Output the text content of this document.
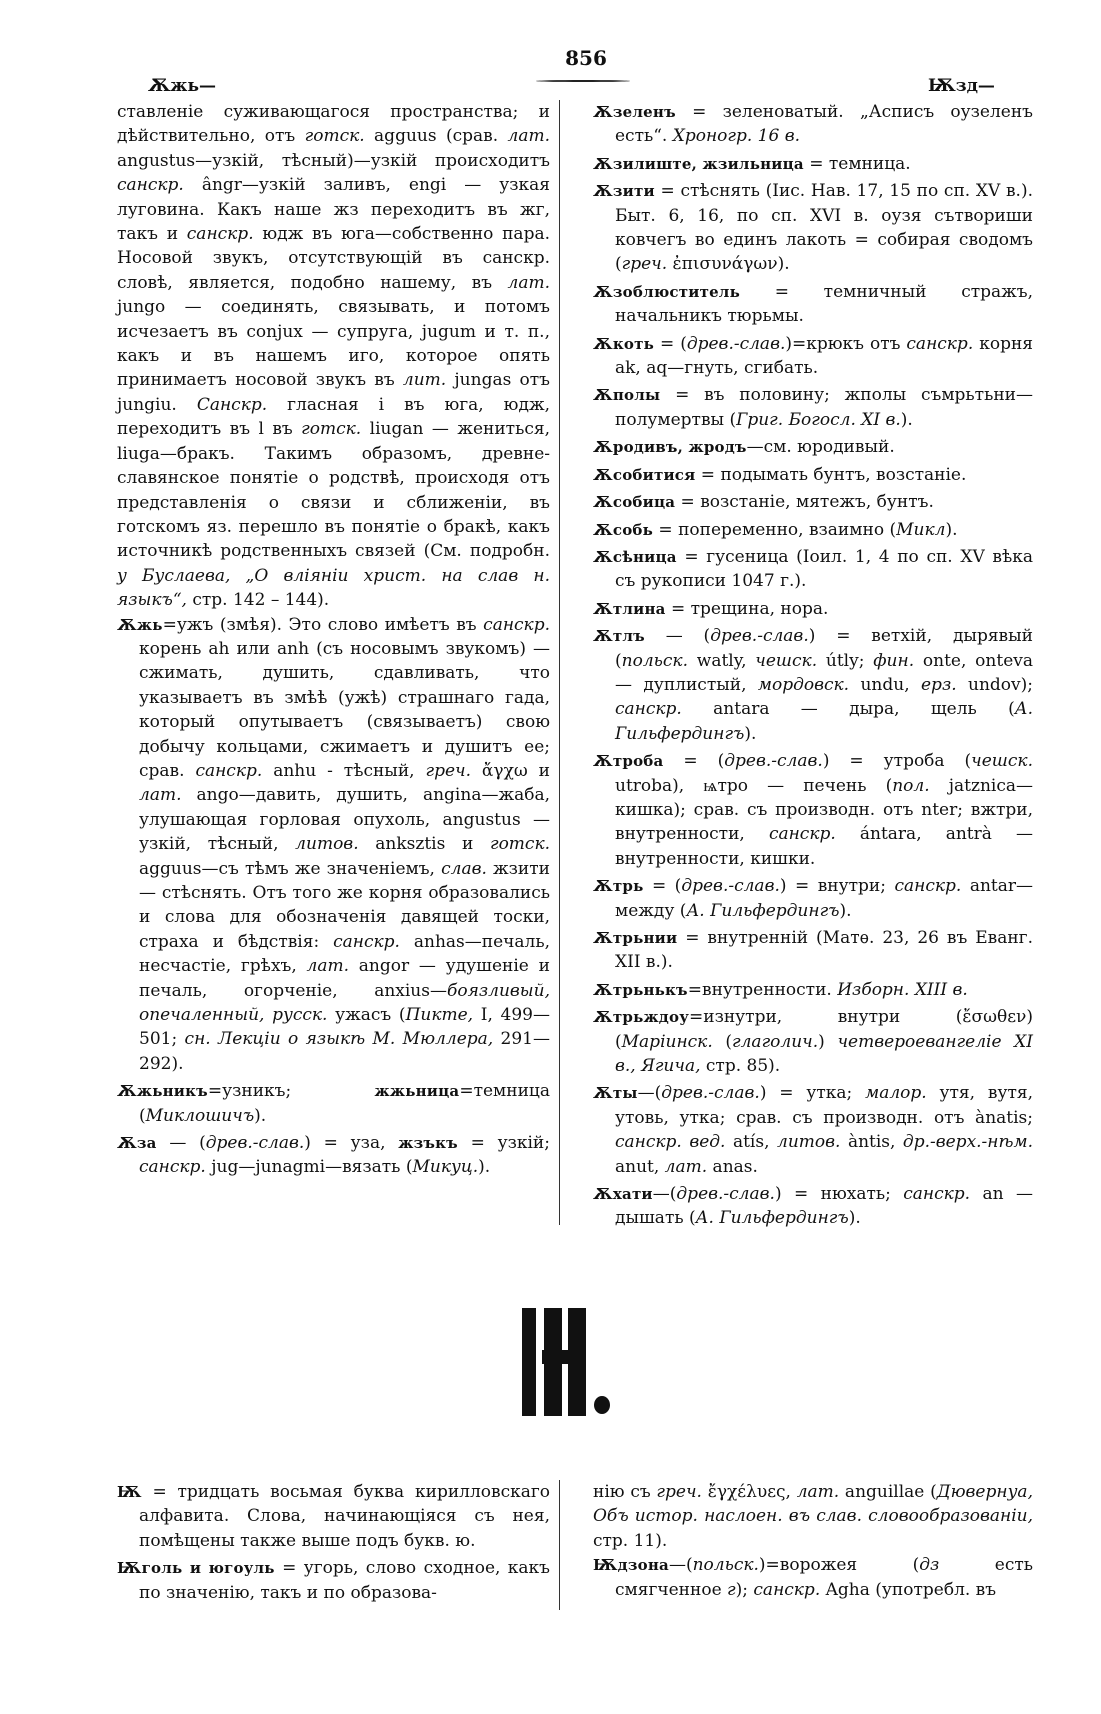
856
Ѫжь—	Ѭзд—

ставленіе суживающагося пространства; и дѣйствительно, отъ готск. agguus (срав. лат. angustus—узкій, тѣсный)—узкій происходитъ санскр. ângr—узкій заливъ, engi — узкая луговина. Какъ наше жз переходитъ въ жг, такъ и санскр. юдж въ юга—собственно пара. Носовой звукъ, отсутствующій въ санскр. словѣ, является, подобно нашему, въ лат. jungo — соединять, связывать, и потомъ исчезаетъ въ conjux — супруга, jugum и т. п., какъ и въ нашемъ иго, которое опять принимаетъ носовой звукъ въ лит. jungas отъ jungiu. Санскр. гласная і въ юга, юдж, переходитъ въ l въ готск. liugan — жениться, liuga—бракъ. Такимъ образомъ, древне-славянское понятіе о родствѣ, происходя отъ представленія о связи и сближеніи, въ готскомъ яз. перешло въ понятіе о бракѣ, какъ источникѣ родственныхъ связей (См. подробн. у Буслаева, „О вліяніи христ. на слав н. языкъ“, стр. 142 – 144).

Ѫжь=ужъ (змѣя). Это слово имѣетъ въ санскр. корень ah или anh (съ носовымъ звукомъ) — сжимать, душить, сдавливать, что указываетъ въ змѣѣ (ужѣ) страшнаго гада, который опутываетъ (связываетъ) свою добычу кольцами, сжимаетъ и душитъ ее; срав. санскр. anhu - тѣсный, греч. ἄγχω и лат. ango—давить, душить, angina—жаба, улушающая горловая опухоль, angustus — узкій, тѣсный, литов. anksztis и готск. agguus—съ тѣмъ же значеніемъ, слав. жзити — стѣснять. Отъ того же корня образовались и слова для обозначенія давящей тоски, страха и бѣдствія: санскр. anhas—печаль, несчастіе, грѣхъ, лат. angor — удушеніе и печаль, огорченіе, anxius—боязливый, опечаленный, русск. ужасъ (Пикте, I, 499—501; сн. Лекціи о языкѣ М. Мюллера, 291—292).

Ѫжьникъ=узникъ; жжьница=темница (Миклошичъ).

Ѫза — (древ.-слав.) = уза, жзъкъ = узкій; санскр. jug—junagmi—вязать (Микуц.).

Ѫзеленъ = зеленоватый. „Асписъ оузеленъ есть“. Хроногр. 16 в.

Ѫзилиште, жзильница = темница.

Ѫзити = стѣснять (Іис. Нав. 17, 15 по сп. XV в.). Быт. 6, 16, по сп. XVI в. оузя сътвориши ковчегъ во единъ лакоть = собирая сводомъ (греч. ἐπισυνάγων).

Ѫзоблюститель = темничный стражъ, начальникъ тюрьмы.

Ѫкоть = (древ.-слав.)=крюкъ отъ санскр. корня ak, aq—гнуть, сгибать.

Ѫполы = въ половину; жполы съмрьтьни—полумертвы (Григ. Богосл. XI в.).

Ѫродивъ, жродъ—см. юродивый.

Ѫсобитися = подымать бунтъ, возстаніе.

Ѫсобица = возстаніе, мятежъ, бунтъ.

Ѫсобь = попеременно, взаимно (Микл).

Ѫсѣница = гусеница (Іоил. 1, 4 по сп. XV вѣка съ рукописи 1047 г.).

Ѫтлина = трещина, нора.

Ѫтлъ — (древ.-слав.) = ветхій, дырявый (польск. watly, чешск. útly; фин. onte, onteva — дуплистый, мордовск. undu, ерз. undov); санскр. antara — дыра, щель (А. Гильфердингъ).

Ѫтроба = (древ.-слав.) = утроба (чешск. utroba), ѩтро — печень (пол. jatznica—кишка); срав. съ производн. отъ nter; вжтри, внутренности, санскр. ántara, antrà — внутренности, кишки.

Ѫтрь = (древ.-слав.) = внутри; санскр. antar—между (А. Гильфердингъ).

Ѫтрьнии = внутренній (Матѳ. 23, 26 въ Еванг. XII в.).

Ѫтрьнькъ=внутренности. Изборн. XIII в.

Ѫтрьждоу=изнутри, внутри (ἔσωθεν) (Маріинск. (глаголич.) четвероевангеліе XI в., Ягича, стр. 85).

Ѫты—(древ.-слав.) = утка; малор. утя, вутя, утовь, утка; срав. съ производн. отъ ànatis; санскр. вед. atís, литов. àntis, др.-верх.-нѣм. anut, лат. anas.

Ѫхати—(древ.-слав.) = нюхать; санскр. an — дышать (А. Гильфердингъ).

Ѭ = тридцать восьмая буква кирилловскаго алфавита. Слова, начинающіяся съ нея, помѣщены также выше подъ букв. ю.

Ѭголь и югоуль = угорь, слово сходное, какъ по значенію, такъ и по образова-

нію съ греч. ἔγχέλυες, лат. anguillae (Дювернуа, Объ истор. наслоен. въ слав. словообразованіи, стр. 11).

Ѭдзона—(польск.)=ворожея (дз есть смягченное г); санскр. Agha (употребл. въ
